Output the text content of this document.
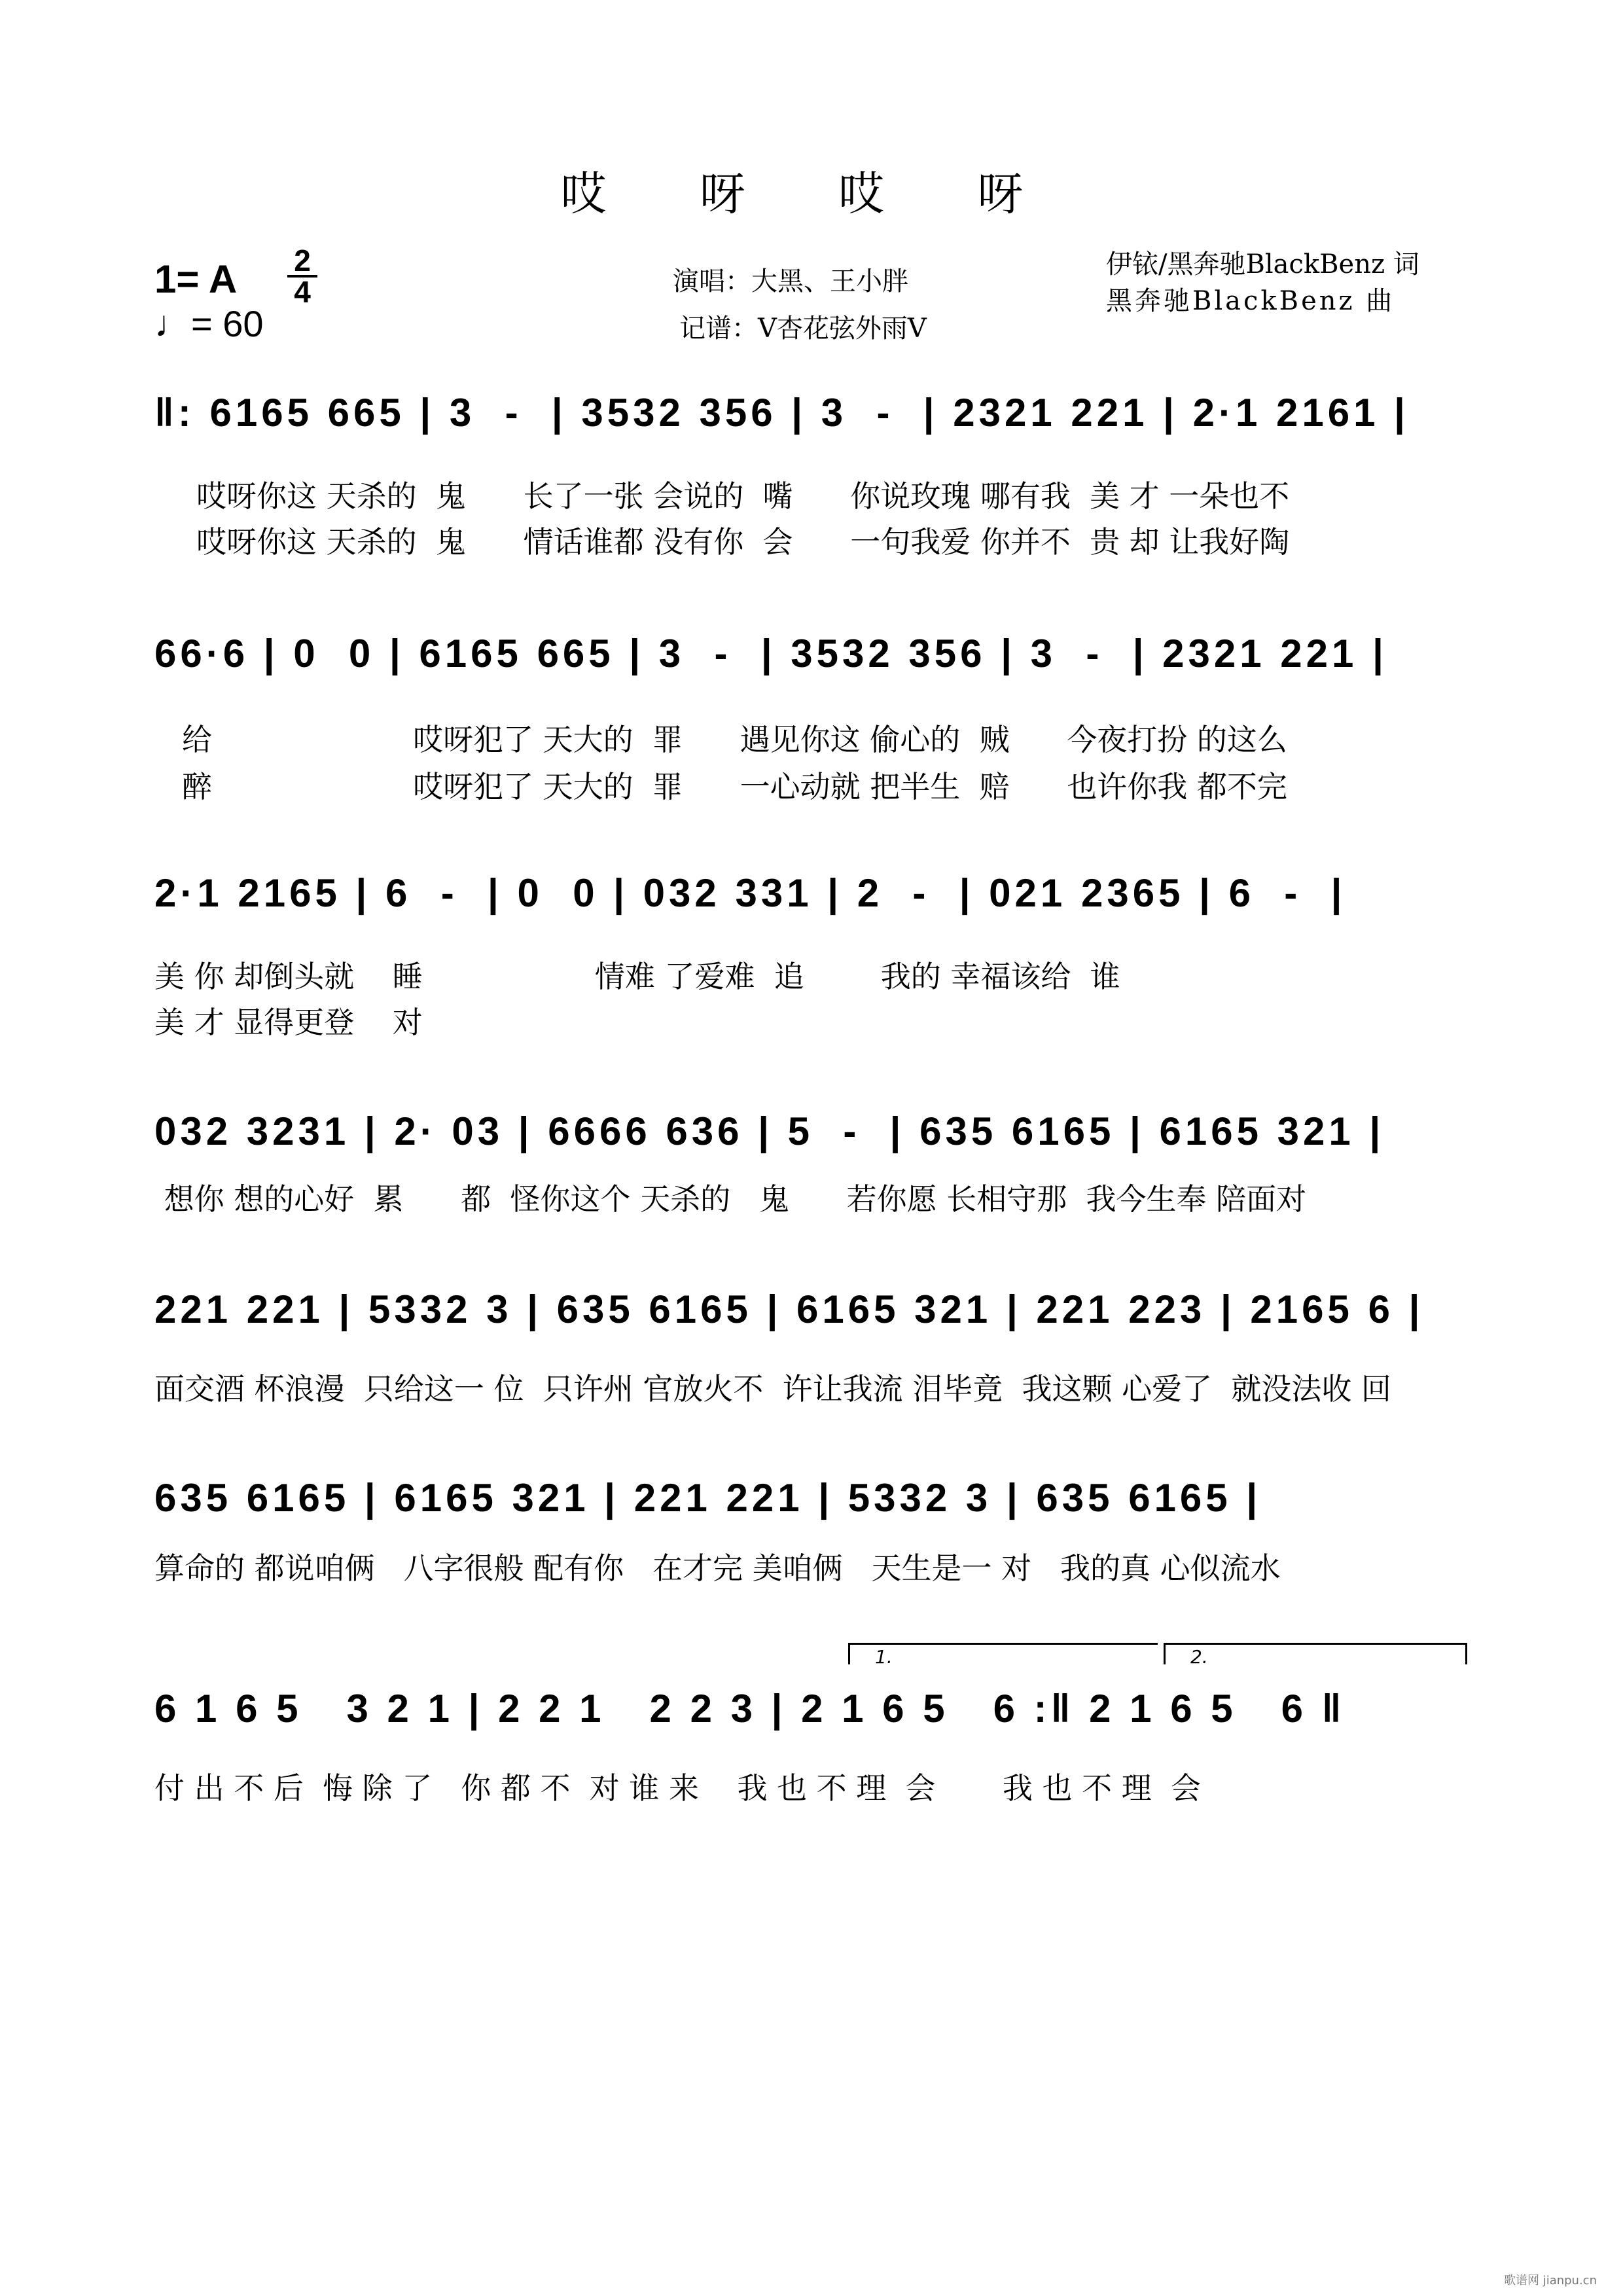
哎 呀 哎 呀
1= A	2
4
♩= 60
演唱：大黑、王小胖
记谱：V杏花弦外雨V
伊铱/黑奔驰BlackBenz 词
黑奔驰BlackBenz 曲
‖: 6165 665 | 3  -  | 3532 356 | 3  -  | 2321 221 | 2·1 2161 |
哎呀你这 天杀的  鬼      长了一张 会说的  嘴      你说玫瑰 哪有我  美 才 一朵也不
哎呀你这 天杀的  鬼      情话谁都 没有你  会      一句我爱 你并不  贵 却 让我好陶
66·6 | 0  0 | 6165 665 | 3  -  | 3532 356 | 3  -  | 2321 221 |
给                     哎呀犯了 天大的  罪      遇见你这 偷心的  贼      今夜打扮 的这么
醉                     哎呀犯了 天大的  罪      一心动就 把半生  赔      也许你我 都不完
2·1 2165 | 6  -  | 0  0 | 032 331 | 2  -  | 021 2365 | 6  -  |
美 你 却倒头就    睡                  情难 了爱难  追        我的 幸福该给  谁
美 才 显得更登    对
032 3231 | 2· 03 | 6666 636 | 5  -  | 635 6165 | 6165 321 |
想你 想的心好  累      都  怪你这个 天杀的   鬼      若你愿 长相守那  我今生奉 陪面对
221 221 | 5332 3 | 635 6165 | 6165 321 | 221 223 | 2165 6 |
面交酒 杯浪漫  只给这一 位  只许州 官放火不  许让我流 泪毕竟  我这颗 心爱了  就没法收 回
635 6165 | 6165 321 | 221 221 | 5332 3 | 635 6165 |
算命的 都说咱俩   八字很般 配有你   在才完 美咱俩   天生是一 对   我的真 心似流水
1.	2.
6 1 6 5   3 2 1 | 2 2 1   2 2 3 | 2 1 6 5   6 :‖ 2 1 6 5   6 ‖
付 出 不 后  悔 除 了   你 都 不  对 谁 来    我 也 不 理  会       我 也 不 理  会
歌谱网 jianpu.cn
